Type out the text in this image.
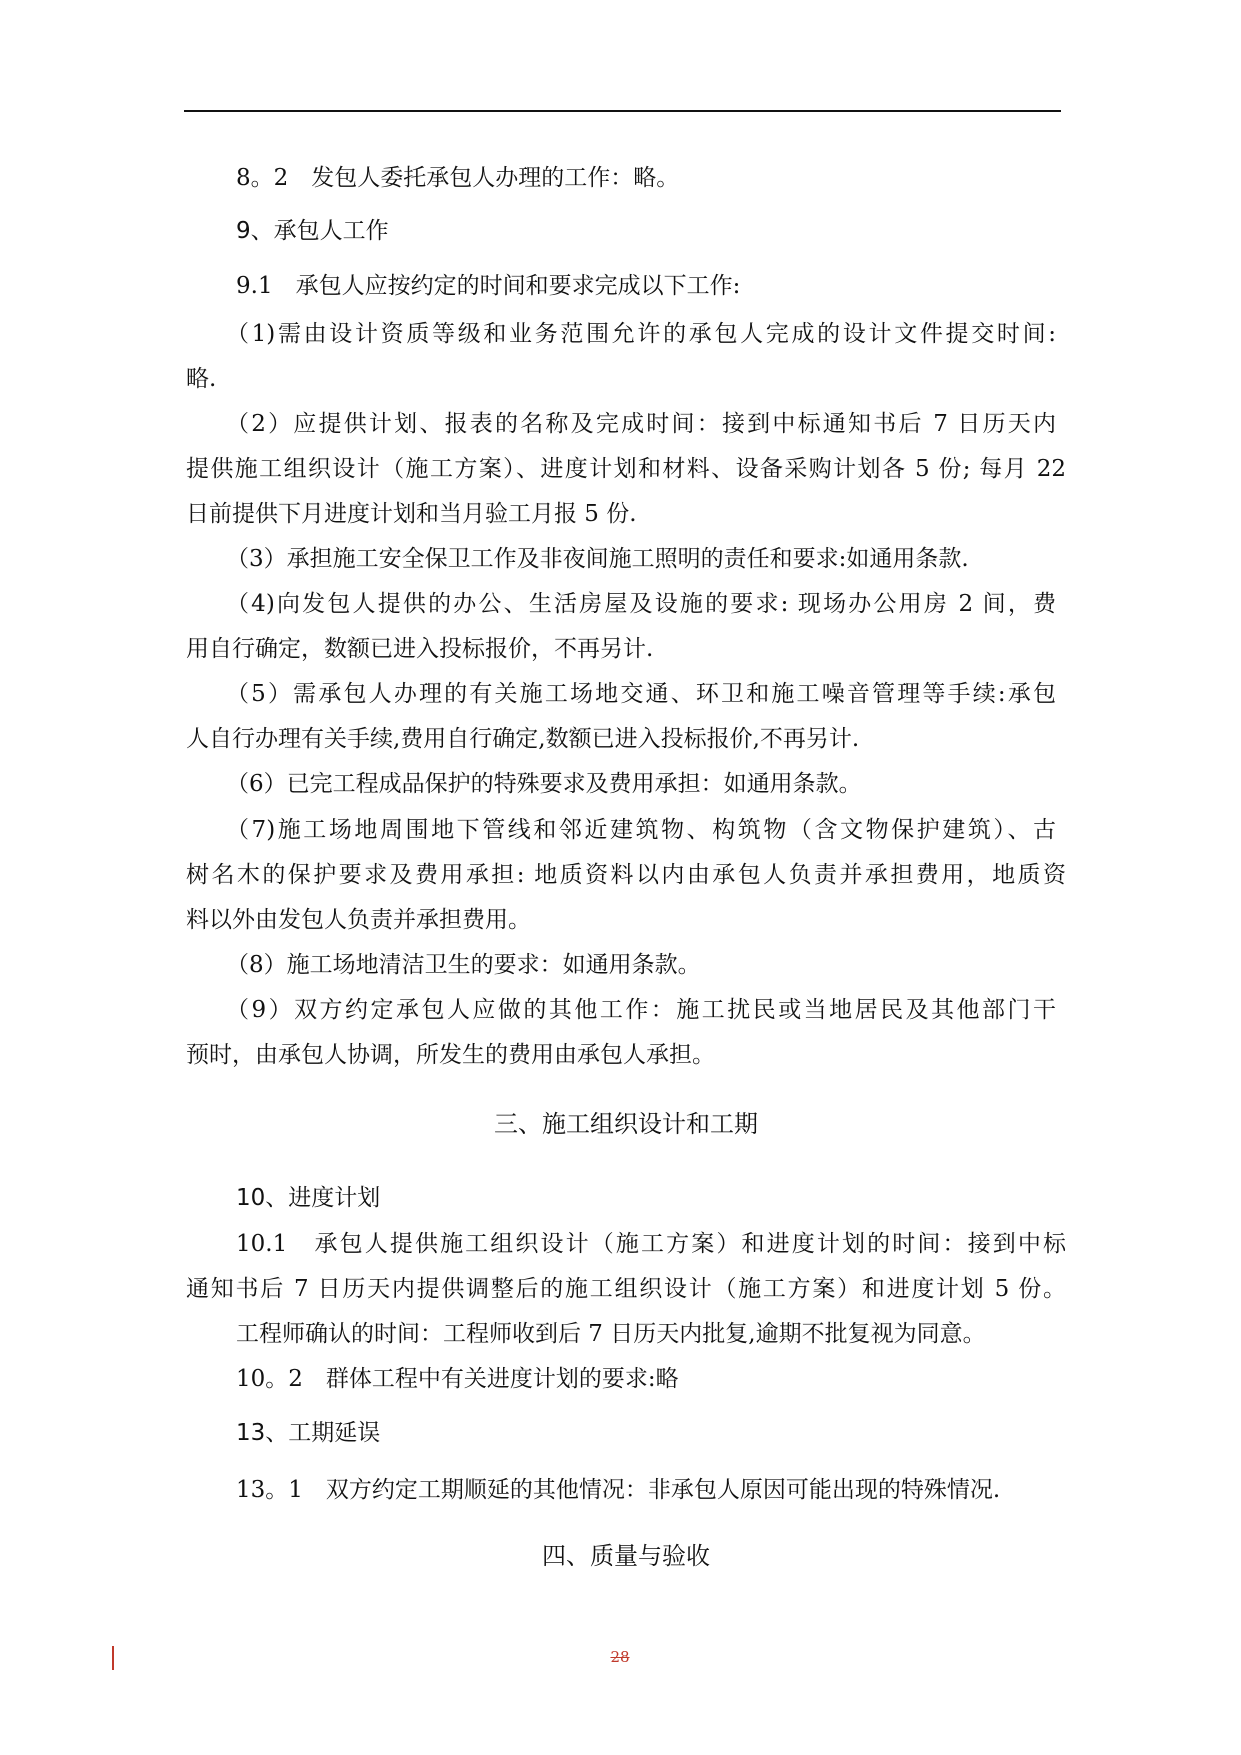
8。2　发包人委托承包人办理的工作：略。
9、承包人工作
9.1　承包人应按约定的时间和要求完成以下工作:
（1)需由设计资质等级和业务范围允许的承包人完成的设计文件提交时间:
略.
（2）应提供计划、报表的名称及完成时间：接到中标通知书后 7 日历天内
提供施工组织设计（施工方案）、进度计划和材料、设备采购计划各 5 份; 每月 22
日前提供下月进度计划和当月验工月报 5 份.
（3）承担施工安全保卫工作及非夜间施工照明的责任和要求:如通用条款.
（4)向发包人提供的办公、生活房屋及设施的要求: 现场办公用房 2 间，费
用自行确定，数额已进入投标报价，不再另计.
（5）需承包人办理的有关施工场地交通、环卫和施工噪音管理等手续:承包
人自行办理有关手续,费用自行确定,数额已进入投标报价,不再另计.
（6）已完工程成品保护的特殊要求及费用承担：如通用条款。
（7)施工场地周围地下管线和邻近建筑物、构筑物（含文物保护建筑）、古
树名木的保护要求及费用承担: 地质资料以内由承包人负责并承担费用，地质资
料以外由发包人负责并承担费用。
（8）施工场地清洁卫生的要求：如通用条款。
（9）双方约定承包人应做的其他工作：施工扰民或当地居民及其他部门干
预时，由承包人协调，所发生的费用由承包人承担。
三、施工组织设计和工期
10、进度计划
10.1　承包人提供施工组织设计（施工方案）和进度计划的时间：接到中标
通知书后 7 日历天内提供调整后的施工组织设计（施工方案）和进度计划 5 份。
工程师确认的时间：工程师收到后 7 日历天内批复,逾期不批复视为同意。
10。2　群体工程中有关进度计划的要求:略
13、工期延误
13。1　双方约定工期顺延的其他情况：非承包人原因可能出现的特殊情况.
四、质量与验收
28
